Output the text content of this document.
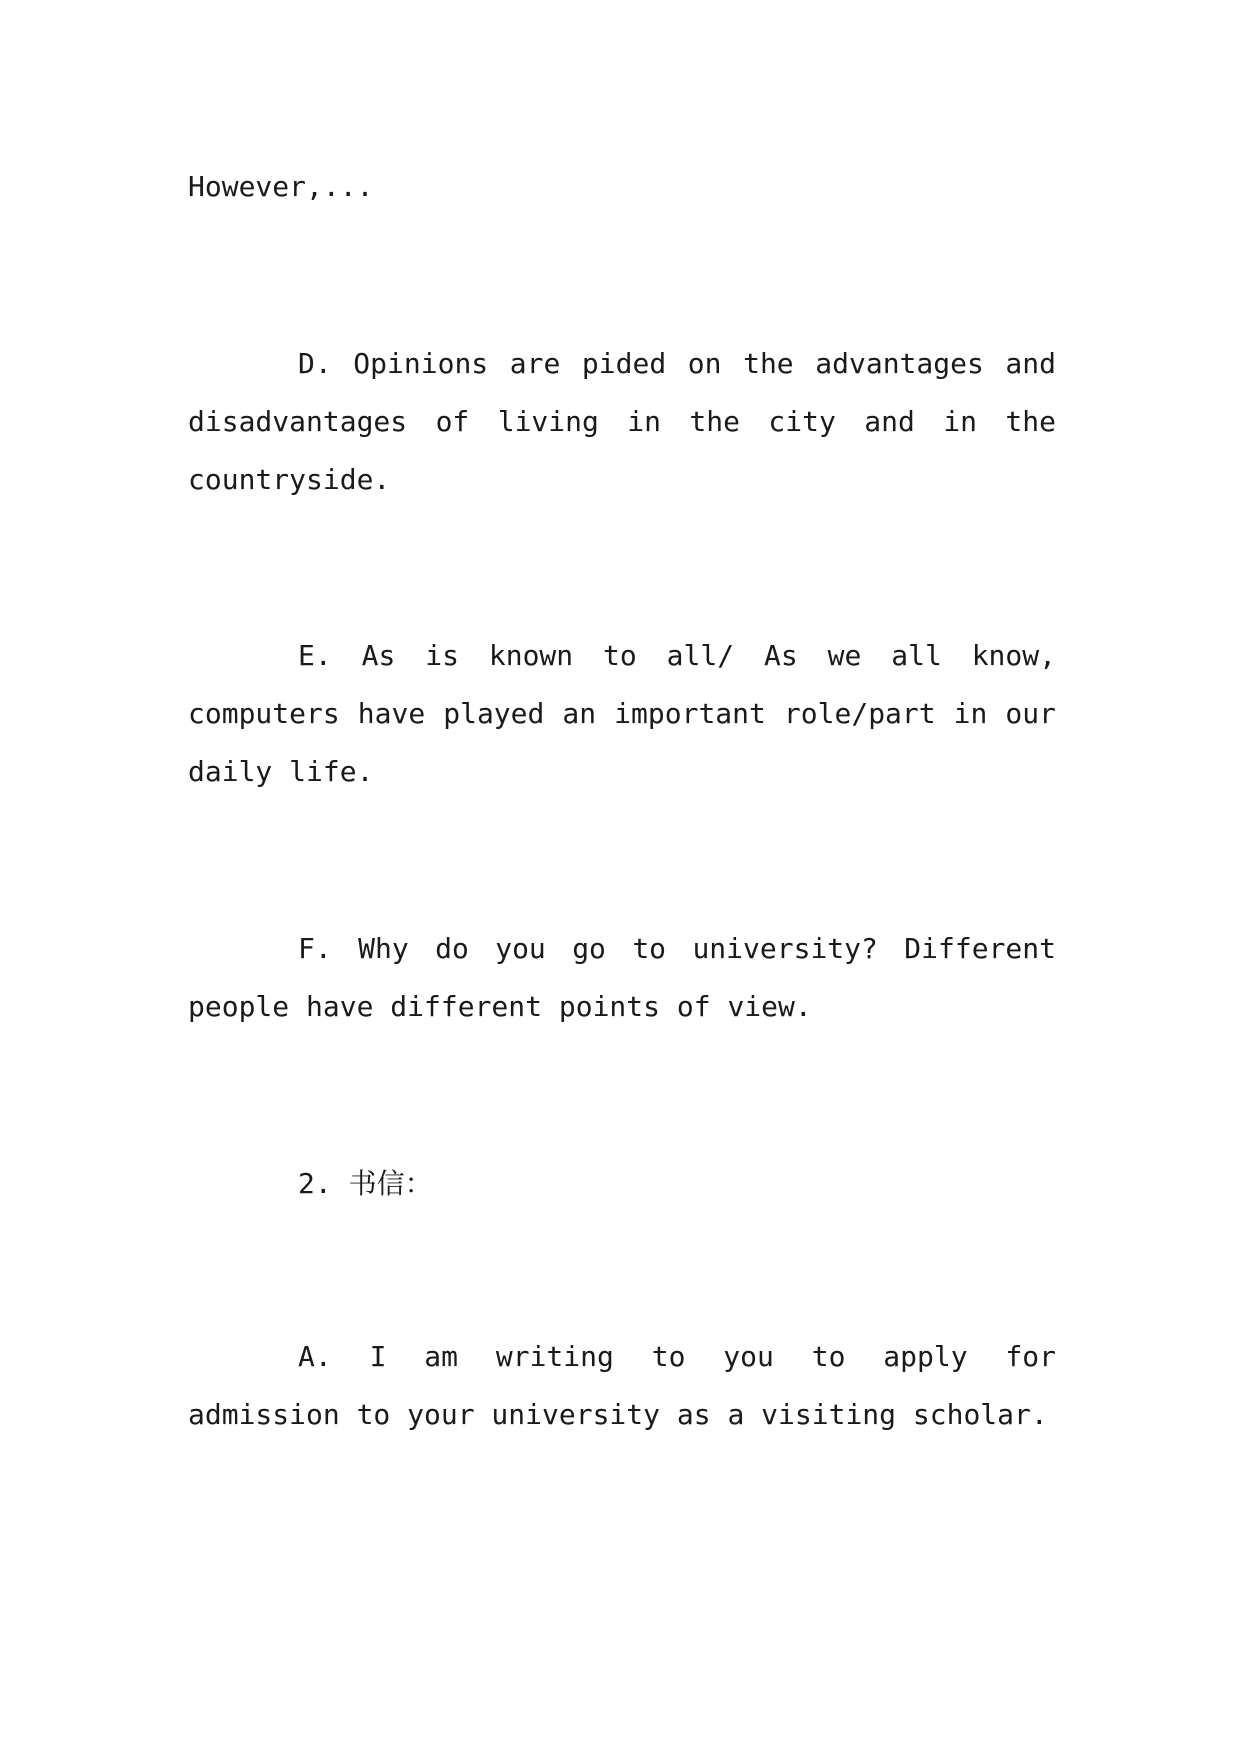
However,...

D. Opinions are pided on the advantages and disadvantages of living in the city and in the countryside.

E. As is known to all/ As we all know, computers have played an important role/part in our daily life.

F. Why do you go to university? Different people have different points of view.

2. 书信：

A. I am writing to you to apply for admission to your university as a visiting scholar.
